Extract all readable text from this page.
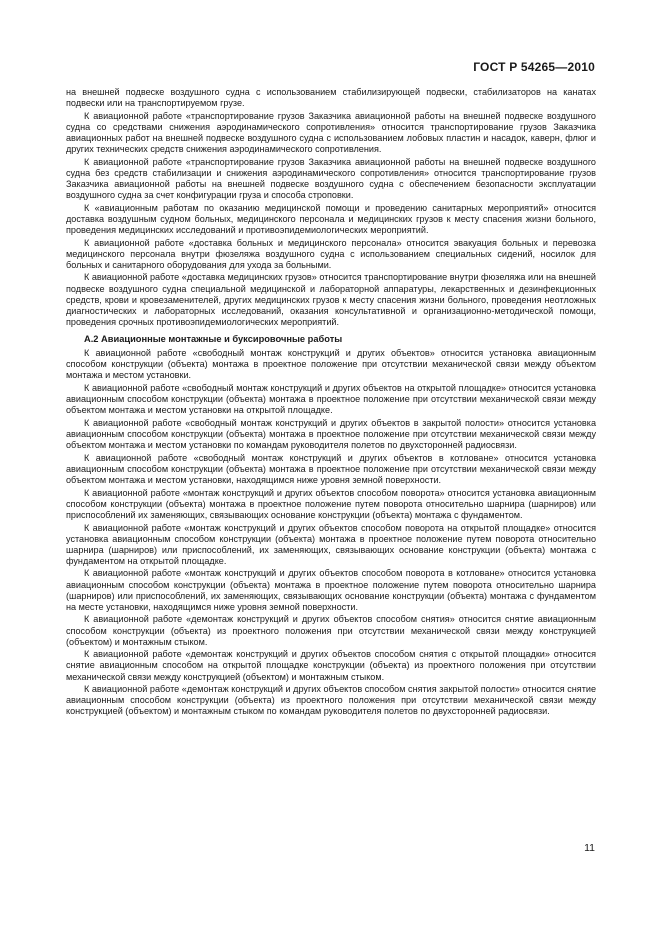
ГОСТ Р 54265—2010

на внешней подвеске воздушного судна с использованием стабилизирующей подвески, стабилизаторов на канатах подвески или на транспортируемом грузе.

К авиационной работе «транспортирование грузов Заказчика авиационной работы на внешней подвеске воздушного судна со средствами снижения аэродинамического сопротивления» относится транспортирование грузов Заказчика авиационных работ на внешней подвеске воздушного судна с использованием лобовых пластин и насадок, каверн, флюг и других технических средств снижения аэродинамического сопротивления.

К авиационной работе «транспортирование грузов Заказчика авиационной работы на внешней подвеске воздушного судна без средств стабилизации и снижения аэродинамического сопротивления» относится транспортирование грузов Заказчика авиационной работы на внешней подвеске воздушного судна с обеспечением безопасности эксплуатации воздушного судна за счет конфигурации груза и способа строповки.

К «авиационным работам по оказанию медицинской помощи и проведению санитарных мероприятий» относится доставка воздушным судном больных, медицинского персонала и медицинских грузов к месту спасения жизни больного, проведения медицинских исследований и противоэпидемиологических мероприятий.

К авиационной работе «доставка больных и медицинского персонала» относится эвакуация больных и перевозка медицинского персонала внутри фюзеляжа воздушного судна с использованием специальных сидений, носилок для больных и санитарного оборудования для ухода за больными.

К авиационной работе «доставка медицинских грузов» относится транспортирование внутри фюзеляжа или на внешней подвеске воздушного судна специальной медицинской и лабораторной аппаратуры, лекарственных и дезинфекционных средств, крови и кровезаменителей, других медицинских грузов к месту спасения жизни больного, проведения неотложных диагностических и лабораторных исследований, оказания консультативной и организационно-методической помощи, проведения срочных противоэпидемиологических мероприятий.

А.2 Авиационные монтажные и буксировочные работы

К авиационной работе «свободный монтаж конструкций и других объектов» относится установка авиационным способом конструкции (объекта) монтажа в проектное положение при отсутствии механической связи между объектом монтажа и местом установки.

К авиационной работе «свободный монтаж конструкций и других объектов на открытой площадке» относится установка авиационным способом конструкции (объекта) монтажа в проектное положение при отсутствии механической связи между объектом монтажа и местом установки на открытой площадке.

К авиационной работе «свободный монтаж конструкций и других объектов в закрытой полости» относится установка авиационным способом конструкции (объекта) монтажа в проектное положение при отсутствии механической связи между объектом монтажа и местом установки по командам руководителя полетов по двухсторонней радиосвязи.

К авиационной работе «свободный монтаж конструкций и других объектов в котловане» относится установка авиационным способом конструкции (объекта) монтажа в проектное положение при отсутствии механической связи между объектом монтажа и местом установки, находящимся ниже уровня земной поверхности.

К авиационной работе «монтаж конструкций и других объектов способом поворота» относится установка авиационным способом конструкции (объекта) монтажа в проектное положение путем поворота относительно шарнира (шарниров) или приспособлений их заменяющих, связывающих основание конструкции (объекта) монтажа с фундаментом.

К авиационной работе «монтаж конструкций и других объектов способом поворота на открытой площадке» относится установка авиационным способом конструкции (объекта) монтажа в проектное положение путем поворота относительно шарнира (шарниров) или приспособлений, их заменяющих, связывающих основание конструкции (объекта) монтажа с фундаментом на открытой площадке.

К авиационной работе «монтаж конструкций и других объектов способом поворота в котловане» относится установка авиационным способом конструкции (объекта) монтажа в проектное положение путем поворота относительно шарнира (шарниров) или приспособлений, их заменяющих, связывающих основание конструкции (объекта) монтажа с фундаментом на месте установки, находящимся ниже уровня земной поверхности.

К авиационной работе «демонтаж конструкций и других объектов способом снятия» относится снятие авиационным способом конструкции (объекта) из проектного положения при отсутствии механической связи между конструкцией (объектом) и монтажным стыком.

К авиационной работе «демонтаж конструкций и других объектов способом снятия с открытой площадки» относится снятие авиационным способом на открытой площадке конструкции (объекта) из проектного положения при отсутствии механической связи между конструкцией (объектом) и монтажным стыком.

К авиационной работе «демонтаж конструкций и других объектов способом снятия закрытой полости» относится снятие авиационным способом конструкции (объекта) из проектного положения при отсутствии механической связи между конструкцией (объектом) и монтажным стыком по командам руководителя полетов по двухсторонней радиосвязи.

11
